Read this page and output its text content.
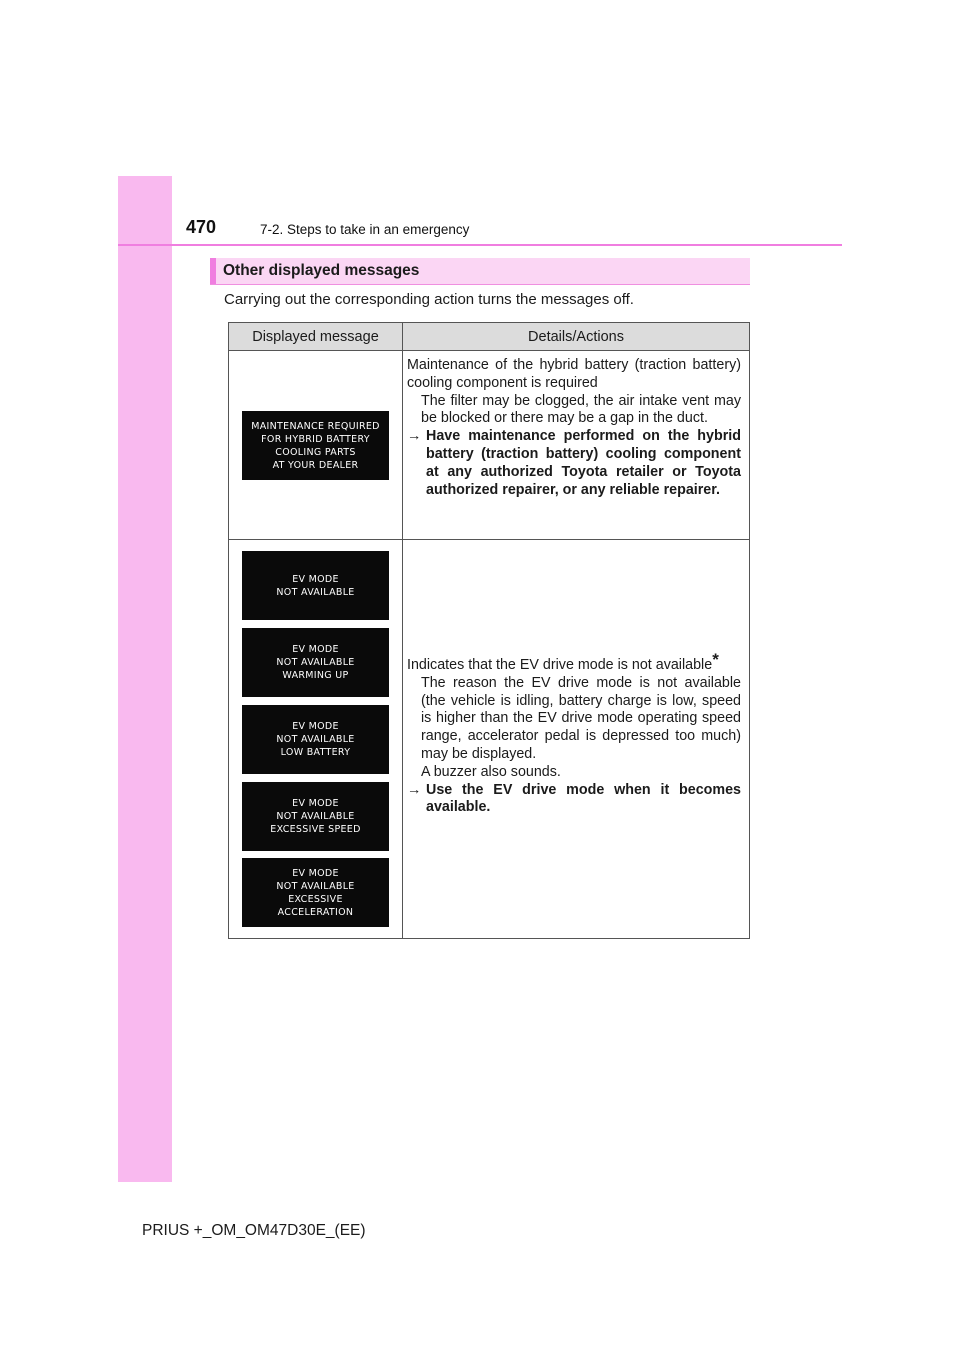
470	7-2. Steps to take in an emergency
Other displayed messages
Carrying out the corresponding action turns the messages off.
Displayed message	Details/Actions
MAINTENANCE REQUIRED
FOR HYBRID BATTERY
COOLING PARTS
AT YOUR DEALER
Maintenance of the hybrid battery (traction battery) cooling component is required
The filter may be clogged, the air intake vent may be blocked or there may be a gap in the duct.
→ Have maintenance performed on the hybrid battery (traction battery) cooling component at any authorized Toyota retailer or Toyota authorized repairer, or any reliable repairer.
EV MODE
NOT AVAILABLE
EV MODE
NOT AVAILABLE
WARMING UP
EV MODE
NOT AVAILABLE
LOW BATTERY
EV MODE
NOT AVAILABLE
EXCESSIVE SPEED
EV MODE
NOT AVAILABLE
EXCESSIVE
ACCELERATION
Indicates that the EV drive mode is not available*
The reason the EV drive mode is not available (the vehicle is idling, battery charge is low, speed is higher than the EV drive mode operating speed range, accelerator pedal is depressed too much) may be displayed.
A buzzer also sounds.
→ Use the EV drive mode when it becomes available.
PRIUS +_OM_OM47D30E_(EE)
